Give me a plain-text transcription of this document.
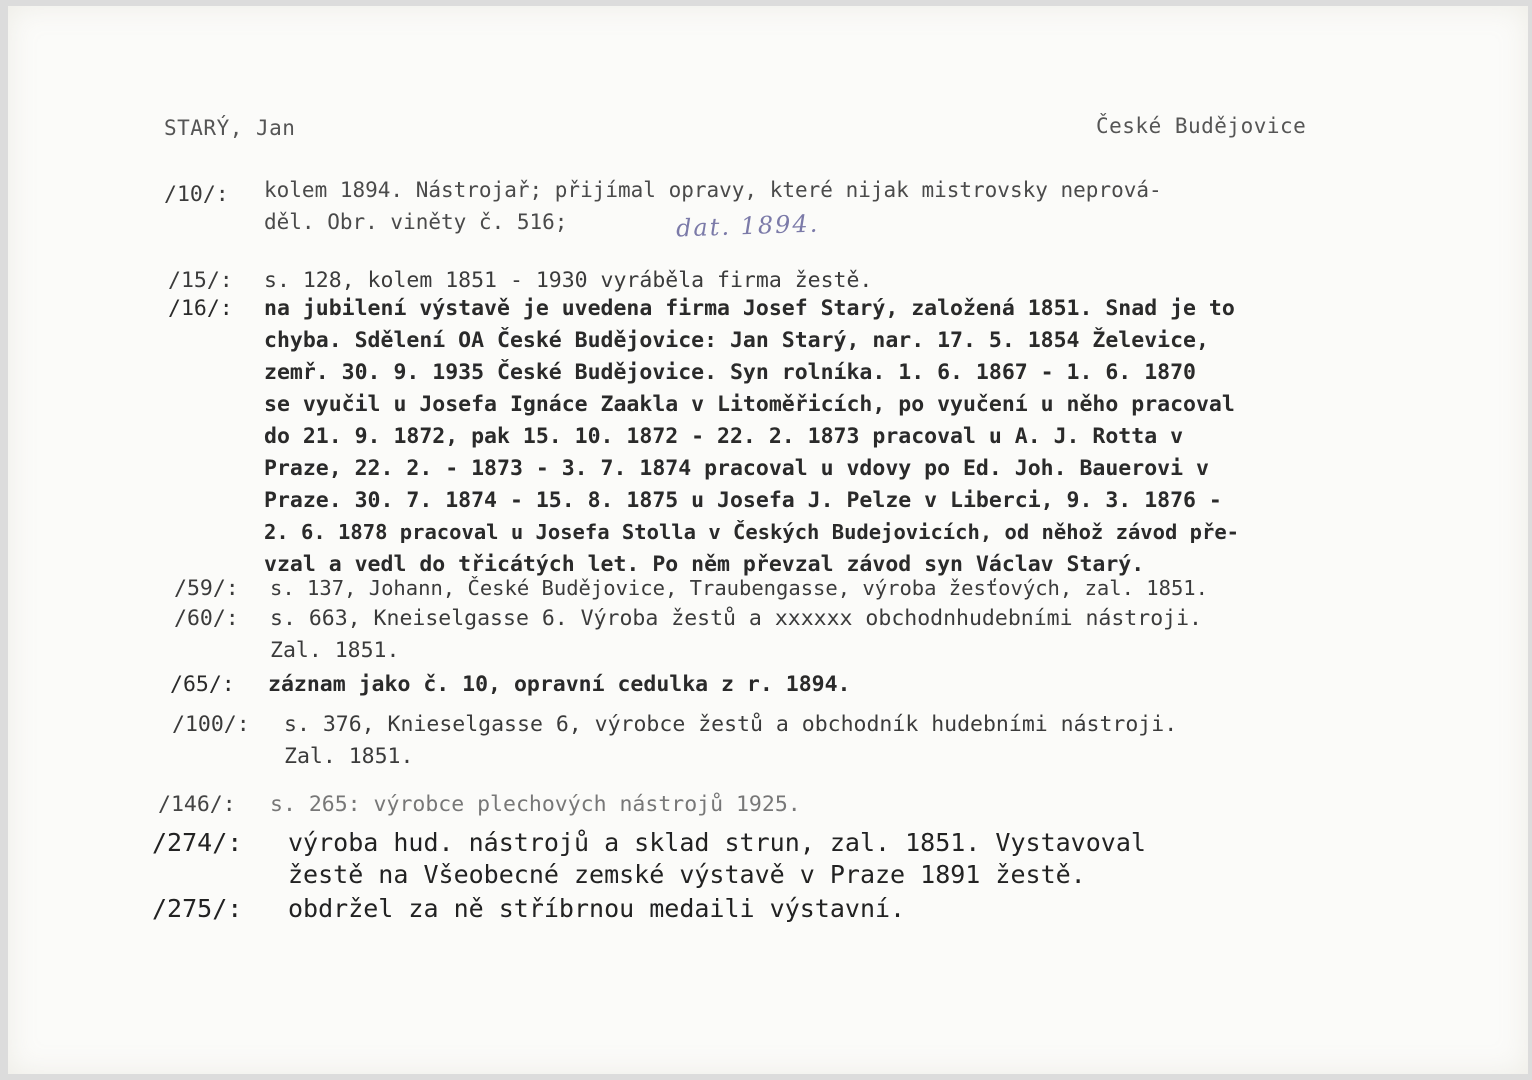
STARÝ, Jan	České Budějovice
/10/: kolem 1894. Nástrojař; přijímal opravy, které nijak mistrovsky neprová-
děl. Obr. viněty č. 516;	dat. 1894.
/15/: s. 128, kolem 1851 - 1930 vyráběla firma žestě.
/16/: na jubilení výstavě je uvedena firma Josef Starý, založená 1851. Snad je to
chyba. Sdělení OA České Budějovice: Jan Starý, nar. 17. 5. 1854 Želevice,
zemř. 30. 9. 1935 České Budějovice. Syn rolníka. 1. 6. 1867 - 1. 6. 1870
se vyučil u Josefa Ignáce Zaakla v Litoměřicích, po vyučení u něho pracoval
do 21. 9. 1872, pak 15. 10. 1872 - 22. 2. 1873 pracoval u A. J. Rotta v
Praze, 22. 2. - 1873 - 3. 7. 1874 pracoval u vdovy po Ed. Joh. Bauerovi v
Praze. 30. 7. 1874 - 15. 8. 1875 u Josefa J. Pelze v Liberci, 9. 3. 1876 -
2. 6. 1878 pracoval u Josefa Stolla v Českých Budejovicích, od něhož závod pře-
vzal a vedl do třicátých let. Po něm převzal závod syn Václav Starý.
/59/: s. 137, Johann, České Budějovice, Traubengasse, výroba žesťových, zal. 1851.
/60/: s. 663, Kneiselgasse 6. Výroba žestů a xxxxxx obchodnhudebními nástroji.
Zal. 1851.
/65/: záznam jako č. 10, opravní cedulka z r. 1894.
/100/: s. 376, Knieselgasse 6, výrobce žestů a obchodník hudebními nástroji.
Zal. 1851.
/146/: s. 265: výrobce plechových nástrojů 1925.
/274/: výroba hud. nástrojů a sklad strun, zal. 1851. Vystavoval
žestě na Všeobecné zemské výstavě v Praze 1891 žestě.
/275/: obdržel za ně stříbrnou medaili výstavní.
